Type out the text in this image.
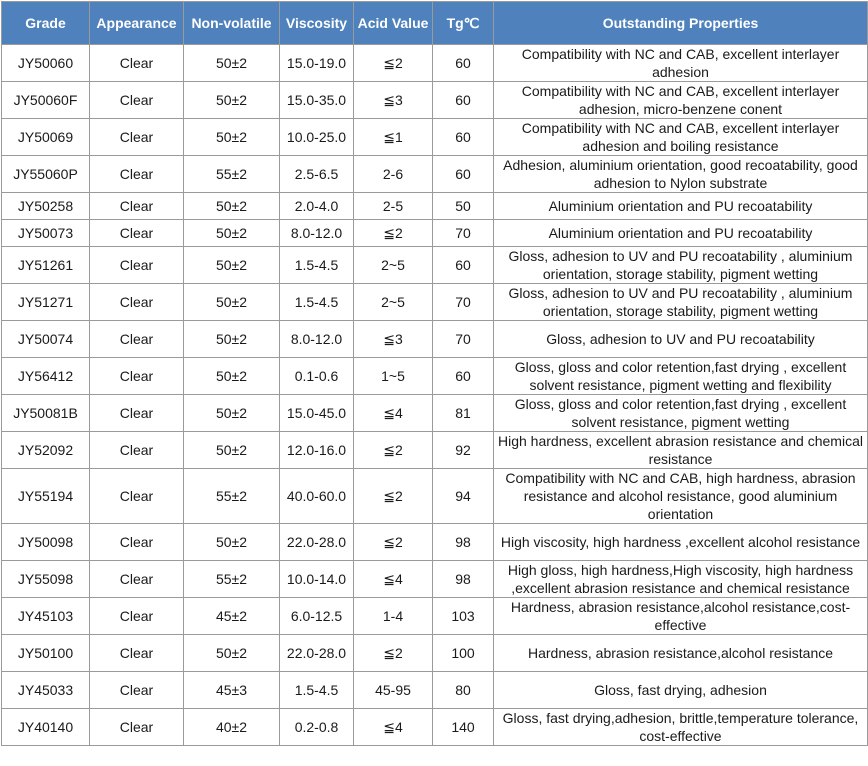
Grade	Appearance	Non-volatile	Viscosity	Acid Value	Tg℃	Outstanding Properties
JY50060	Clear	50±2	15.0-19.0	≦2	60	Compatibility with NC and CAB, excellent interlayer adhesion
JY50060F	Clear	50±2	15.0-35.0	≦3	60	Compatibility with NC and CAB, excellent interlayer adhesion, micro-benzene conent
JY50069	Clear	50±2	10.0-25.0	≦1	60	Compatibility with NC and CAB, excellent interlayer adhesion and boiling resistance
JY55060P	Clear	55±2	2.5-6.5	2-6	60	Adhesion, aluminium orientation, good recoatability, good adhesion to Nylon substrate
JY50258	Clear	50±2	2.0-4.0	2-5	50	Aluminium orientation and PU recoatability
JY50073	Clear	50±2	8.0-12.0	≦2	70	Aluminium orientation and PU recoatability
JY51261	Clear	50±2	1.5-4.5	2~5	60	Gloss, adhesion to UV and PU recoatability , aluminium orientation, storage stability, pigment wetting
JY51271	Clear	50±2	1.5-4.5	2~5	70	Gloss, adhesion to UV and PU recoatability , aluminium orientation, storage stability, pigment wetting
JY50074	Clear	50±2	8.0-12.0	≦3	70	Gloss, adhesion to UV and PU recoatability
JY56412	Clear	50±2	0.1-0.6	1~5	60	Gloss, gloss and color retention,fast drying , excellent solvent resistance, pigment wetting and flexibility
JY50081B	Clear	50±2	15.0-45.0	≦4	81	Gloss, gloss and color retention,fast drying , excellent solvent resistance, pigment wetting
JY52092	Clear	50±2	12.0-16.0	≦2	92	High hardness, excellent abrasion resistance and chemical resistance
JY55194	Clear	55±2	40.0-60.0	≦2	94	Compatibility with NC and CAB, high hardness, abrasion resistance and alcohol resistance, good aluminium orientation
JY50098	Clear	50±2	22.0-28.0	≦2	98	High viscosity, high hardness ,excellent alcohol resistance
JY55098	Clear	55±2	10.0-14.0	≦4	98	High gloss, high hardness,High viscosity, high hardness ,excellent abrasion resistance and chemical resistance
JY45103	Clear	45±2	6.0-12.5	1-4	103	Hardness, abrasion resistance,alcohol resistance,cost-effective
JY50100	Clear	50±2	22.0-28.0	≦2	100	Hardness, abrasion resistance,alcohol resistance
JY45033	Clear	45±3	1.5-4.5	45-95	80	Gloss, fast drying, adhesion
JY40140	Clear	40±2	0.2-0.8	≦4	140	Gloss, fast drying,adhesion, brittle,temperature tolerance, cost-effective
